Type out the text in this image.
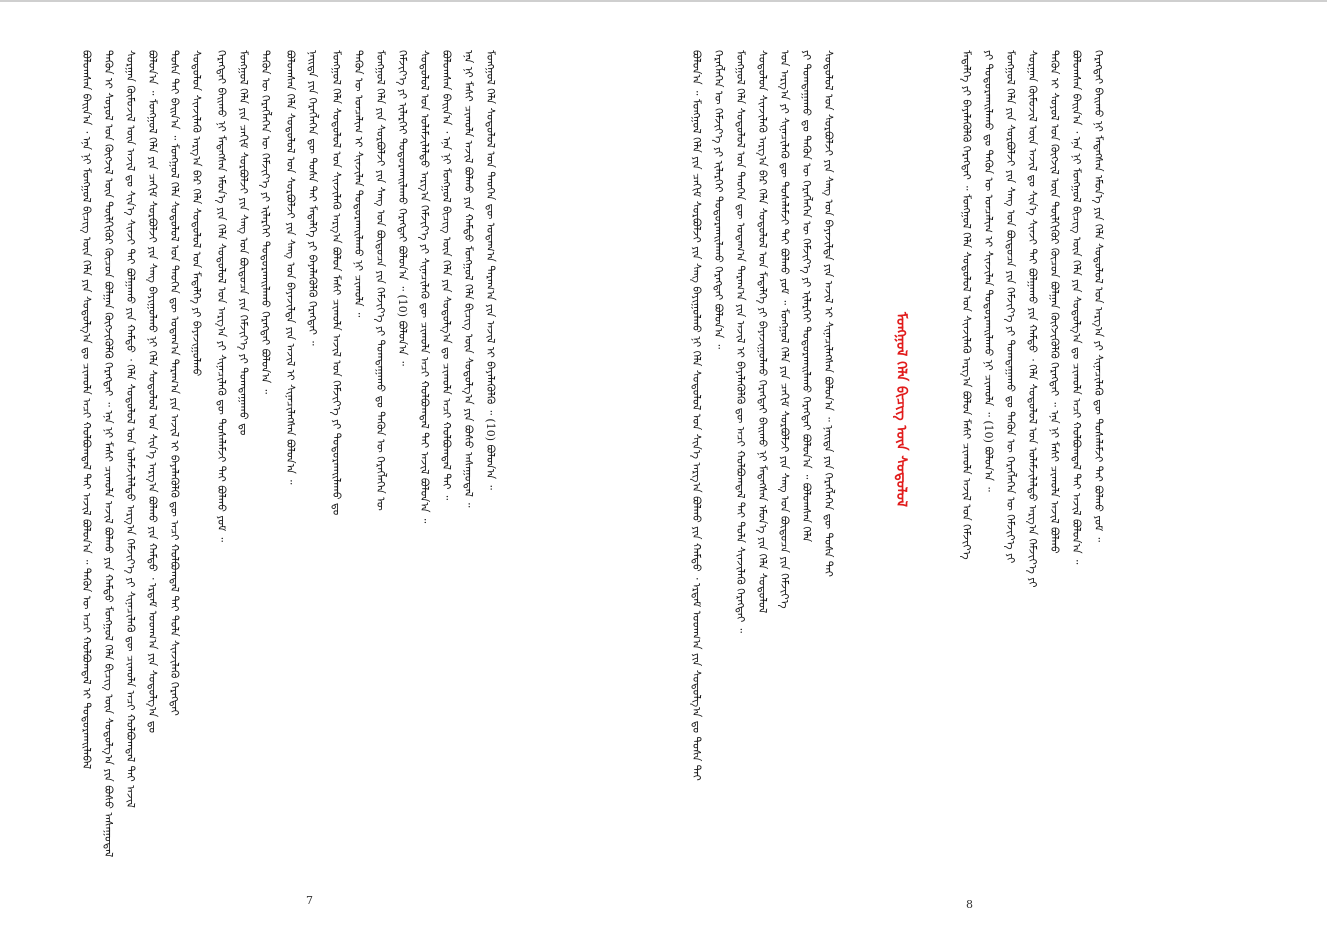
ᠪᠣᠯᠤᠭᠰᠠᠨ ᠪᠠᠢᠨ᠎ᠠ ᠂ ᠡᠨᠡ ᠨᠢ ᠮᠣᠩᠭᠣᠯ ᠪᠢᠴᠢᠭ ᠦᠨ ᠬᠡᠯᠡ ᠶᠢᠨ ᠰᠤᠳᠤᠯᠭ᠎ᠠ ᠳᠤ ᠴᠢᠬᠤᠯᠠ ᠠᠴᠢ ᠬᠣᠯᠪᠤᠭᠳᠠᠯ ᠲᠠᠢ ᠠᠵᠢᠯ ᠪᠣᠯᠤᠨ᠎ᠠ ᠃ ᠲᠡᠭᠦᠨ ᠦ ᠠᠴᠢ ᠬᠣᠯᠪᠤᠭᠳᠠᠯ ᠢ ᠲᠣᠳᠣᠷᠬᠠᠢᠯᠠᠪᠠᠯ ᠲᠡᠭᠦᠨ ᠢ ᠰᠣᠶᠣᠯ ᠤᠨ ᠬᠥᠭᠵᠢᠯ ᠦᠨ ᠲᠦᠯᠬᠢᠭᠦᠷ ᠬᠦᠴᠦᠨ ᠪᠣᠯᠭᠠᠨ ᠬᠥᠭᠵᠢᠭᠦᠯᠬᠦ ᠬᠡᠷᠡᠭᠲᠡᠢ ᠃ ᠡᠨᠡ ᠨᠢ ᠮᠠᠰᠢ ᠴᠢᠬᠤᠯᠠ ᠠᠵᠢᠯ ᠪᠣᠯᠬᠤ ᠶᠢᠨ ᠬᠠᠮᠲᠤ ᠮᠣᠩᠭᠣᠯ ᠬᠡᠯᠡ ᠪᠢᠴᠢᠭ ᠦᠨ ᠰᠤᠳᠤᠯᠭ᠎ᠠ ᠶᠢᠨ ᠪᠤᠰᠤ ᠠᠰᠠᠭᠤᠳᠠᠯ ᠰᠤᠷᠭᠠᠨ ᠬᠦᠮᠦᠵᠢᠯ ᠦᠨ ᠠᠵᠢᠯ ᠳᠤ ᠰᠢᠨ᠎ᠡ ᠰᠢᠨᠵᠢ ᠲᠡᠢ ᠪᠣᠯᠭᠠᠬᠤ ᠶᠢᠨ ᠬᠠᠮᠲᠤ ᠂ ᠬᠡᠯᠡ ᠰᠤᠳᠤᠯᠤᠯ ᠤᠨ ᠤᠯᠠᠮᠵᠢᠯᠠᠯᠲᠤ ᠠᠷᠭ᠎ᠠ ᠬᠡᠮᠵᠢᠶ᠎ᠡ ᠶᠢ ᠰᠢᠨᠡᠴᠢᠯᠡᠬᠦ ᠳᠦ ᠴᠢᠬᠤᠯᠠ ᠠᠴᠢ ᠬᠣᠯᠪᠤᠭᠳᠠᠯ ᠲᠠᠢ ᠠᠵᠢᠯ ᠪᠣᠯᠤᠨ᠎ᠠ ᠃ ᠮᠣᠩᠭᠣᠯ ᠬᠡᠯᠡ ᠶᠢᠨ ᠴᠠᠬᠢᠮ ᠰᠤᠷᠪᠤᠯᠵᠢ ᠶᠢᠨ ᠰᠠᠩ ᠪᠠᠶᠢᠭᠤᠯᠬᠤ ᠨᠢ ᠬᠡᠯᠡ ᠰᠤᠳᠤᠯᠤᠯ ᠤᠨ ᠰᠢᠨ᠎ᠡ ᠠᠷᠭ᠎ᠠ ᠪᠣᠯᠬᠤ ᠶᠢᠨ ᠬᠠᠮᠲᠤ ᠂ ᠡᠷᠳᠡᠮ ᠤᠳᠬ᠎ᠠ ᠶᠢᠨ ᠰᠤᠳᠤᠯᠭ᠎ᠠ ᠳᠤ ᠲᠤᠰᠠ ᠲᠠᠢ ᠪᠠᠢᠨ᠎ᠠ ᠃ ᠮᠣᠩᠭᠣᠯ ᠬᠡᠯᠡ ᠰᠤᠳᠤᠯᠤᠯ ᠤᠨ ᠲᠡᠦᠬᠡᠨ ᠳᠦ ᠤᠳᠠᠭ᠎ᠠ ᠳᠠᠷᠠᠭ᠎ᠠ ᠶᠢᠨ ᠠᠵᠢᠯ ᠢ ᠪᠡᠶᠡᠯᠡᠭᠦᠯᠬᠦ ᠳᠦ ᠠᠴᠢ ᠬᠣᠯᠪᠣᠭᠳᠠᠯ ᠲᠠᠢ ᠲᠤᠯᠠ ᠰᠢᠨᠵᠢᠯᠡᠬᠦ ᠬᠡᠷᠡᠭᠲᠡᠢ ᠰᠤᠳᠤᠯᠤᠨ ᠰᠢᠨᠵᠢᠯᠡᠬᠦ ᠠᠷᠭ᠎ᠠ ᠪᠠᠷ ᠬᠡᠯᠡ ᠰᠤᠳᠤᠯᠤᠯ ᠤᠨ ᠮᠡᠳᠡᠯᠭᠡ ᠶᠢ ᠪᠠᠶᠠᠵᠢᠭᠤᠯᠬᠤ ᠬᠡᠷᠡᠭᠲᠡᠢ ᠪᠠᠢᠬᠤ ᠨᠢ ᠮᠡᠳᠡᠭᠰᠡᠨ ᠡᠮᠦᠨ᠎ᠡ ᠶᠢᠨ ᠬᠡᠯᠡ ᠰᠤᠳᠤᠯᠤᠯ ᠤᠨ ᠠᠷᠭ᠎ᠠ ᠶᠢ ᠰᠢᠨᠡᠴᠢᠯᠡᠬᠦ ᠳᠦ ᠲᠤᠰᠠᠯᠠᠮᠵᠢ ᠲᠠᠢ ᠪᠣᠯᠬᠤ ᠶᠤᠮ ᠃ ᠮᠣᠩᠭᠣᠯ ᠬᠡᠯᠡ ᠶᠢᠨ ᠴᠠᠬᠢᠮ ᠰᠤᠷᠪᠤᠯᠵᠢ ᠶᠢᠨ ᠰᠠᠩ ᠤᠨ ᠪᠦᠲᠦᠴᠡ ᠶᠢᠨ ᠬᠡᠮᠵᠢᠶ᠎ᠡ ᠶᠢ ᠲᠣᠭᠲᠠᠭᠠᠬᠤ ᠳᠤ ᠲᠡᠭᠦᠨ ᠦ ᠬᠡᠷᠡᠭᠯᠡᠭᠡᠨ ᠦ ᠬᠡᠮᠵᠢᠶ᠎ᠡ ᠶᠢ ᠢᠯᠡᠷᠬᠡᠢ ᠲᠣᠳᠣᠷᠬᠠᠢᠯᠠᠬᠤ ᠬᠡᠷᠡᠭᠲᠡᠢ ᠪᠣᠯᠤᠨ᠎ᠠ ᠃ ᠪᠣᠯᠤᠭᠰᠠᠨ ᠬᠡᠯᠡ ᠰᠤᠳᠤᠯᠤᠯ ᠤᠨ ᠰᠤᠷᠪᠤᠯᠵᠢ ᠶᠢᠨ ᠰᠠᠩ ᠤᠨ ᠪᠠᠶᠠᠵᠢᠯᠲᠠ ᠶᠢᠨ ᠠᠵᠢᠯ ᠢ ᠰᠢᠨᠡᠴᠢᠯᠡᠭᠰᠡᠨ ᠪᠣᠯᠤᠨ᠎ᠠ ᠃ ᠨᠡᠢᠲᠡ ᠶᠢᠨ ᠬᠡᠷᠡᠭᠯᠡᠭᠡᠨ ᠳᠦ ᠲᠤᠰᠠ ᠲᠠᠢ ᠮᠡᠳᠡᠯᠭᠡ ᠶᠢ ᠪᠡᠶᠡᠯᠡᠭᠦᠯᠬᠦ ᠬᠡᠷᠡᠭᠲᠡᠢ ᠃ ᠮᠣᠩᠭᠣᠯ ᠬᠡᠯᠡ ᠰᠤᠳᠤᠯᠤᠯ ᠤᠨ ᠰᠢᠨᠵᠢᠯᠡᠬᠦ ᠠᠷᠭ᠎ᠠ ᠪᠣᠯᠤᠨ ᠮᠠᠰᠢ ᠴᠢᠬᠤᠯᠠ ᠠᠵᠢᠯ ᠤᠨ ᠬᠡᠮᠵᠢᠶ᠎ᠡ ᠶᠢ ᠲᠣᠳᠣᠷᠬᠠᠢᠯᠠᠬᠤ ᠳᠤ ᠲᠡᠭᠦᠨ ᠦ ᠣᠨᠴᠠᠯᠢᠭ ᠢ ᠰᠢᠨᠵᠢᠯᠡᠨ ᠲᠣᠳᠣᠷᠬᠠᠢᠯᠠᠬᠤ ᠨᠢ ᠴᠢᠬᠤᠯᠠ ᠃ ᠮᠣᠩᠭᠣᠯ ᠬᠡᠯᠡ ᠶᠢᠨ ᠰᠤᠷᠪᠤᠯᠵᠢ ᠶᠢᠨ ᠰᠠᠩ ᠤᠨ ᠪᠦᠲᠦᠴᠡ ᠶᠢᠨ ᠬᠡᠮᠵᠢᠶ᠎ᠡ ᠶᠢ ᠲᠣᠭᠲᠠᠭᠠᠬᠤ ᠳᠤ ᠲᠡᠭᠦᠨ ᠦ ᠬᠡᠷᠡᠭᠯᠡᠭᠡᠨ ᠦ ᠬᠡᠮᠵᠢᠶ᠎ᠡ ᠶᠢ ᠢᠯᠡᠷᠬᠡᠢ ᠲᠣᠳᠣᠷᠬᠠᠢᠯᠠᠬᠤ ᠬᠡᠷᠡᠭᠲᠡᠢ ᠪᠣᠯᠤᠨ᠎ᠠ ᠃ (10) ᠪᠣᠯᠤᠨ᠎ᠠ ᠃ ᠰᠤᠳᠤᠯᠤᠯ ᠤᠨ ᠤᠯᠠᠮᠵᠢᠯᠠᠯᠲᠤ ᠠᠷᠭ᠎ᠠ ᠬᠡᠮᠵᠢᠶ᠎ᠡ ᠶᠢ ᠰᠢᠨᠡᠴᠢᠯᠡᠬᠦ ᠳᠦ ᠴᠢᠬᠤᠯᠠ ᠠᠴᠢ ᠬᠣᠯᠪᠤᠭᠳᠠᠯ ᠲᠠᠢ ᠠᠵᠢᠯ ᠪᠣᠯᠤᠨ᠎ᠠ ᠃ ᠪᠣᠯᠤᠭᠰᠠᠨ ᠪᠠᠢᠨ᠎ᠠ ᠂ ᠡᠨᠡ ᠨᠢ ᠮᠣᠩᠭᠣᠯ ᠪᠢᠴᠢᠭ ᠦᠨ ᠬᠡᠯᠡ ᠶᠢᠨ ᠰᠤᠳᠤᠯᠭ᠎ᠠ ᠳᠤ ᠴᠢᠬᠤᠯᠠ ᠠᠴᠢ ᠬᠣᠯᠪᠤᠭᠳᠠᠯ ᠲᠠᠢ ᠃ ᠡᠨᠡ ᠨᠢ ᠮᠠᠰᠢ ᠴᠢᠬᠤᠯᠠ ᠠᠵᠢᠯ ᠪᠣᠯᠬᠤ ᠶᠢᠨ ᠬᠠᠮᠲᠤ ᠮᠣᠩᠭᠣᠯ ᠬᠡᠯᠡ ᠪᠢᠴᠢᠭ ᠦᠨ ᠰᠤᠳᠤᠯᠭ᠎ᠠ ᠶᠢᠨ ᠪᠤᠰᠤ ᠠᠰᠠᠭᠤᠳᠠᠯ ᠃ ᠮᠣᠩᠭᠣᠯ ᠬᠡᠯᠡ ᠰᠤᠳᠤᠯᠤᠯ ᠤᠨ ᠲᠡᠦᠬᠡᠨ ᠳᠦ ᠤᠳᠠᠭ᠎ᠠ ᠳᠠᠷᠠᠭ᠎ᠠ ᠶᠢᠨ ᠠᠵᠢᠯ ᠢ ᠪᠡᠶᠡᠯᠡᠭᠦᠯᠬᠦ ᠃ (10) ᠪᠣᠯᠤᠨ᠎ᠠ ᠃
7
ᠪᠣᠯᠤᠨ᠎ᠠ ᠃ ᠮᠣᠩᠭᠣᠯ ᠬᠡᠯᠡ ᠶᠢᠨ ᠴᠠᠬᠢᠮ ᠰᠤᠷᠪᠤᠯᠵᠢ ᠶᠢᠨ ᠰᠠᠩ ᠪᠠᠶᠢᠭᠤᠯᠬᠤ ᠨᠢ ᠬᠡᠯᠡ ᠰᠤᠳᠤᠯᠤᠯ ᠤᠨ ᠰᠢᠨ᠎ᠡ ᠠᠷᠭ᠎ᠠ ᠪᠣᠯᠬᠤ ᠶᠢᠨ ᠬᠠᠮᠲᠤ ᠂ ᠡᠷᠳᠡᠮ ᠤᠳᠬ᠎ᠠ ᠶᠢᠨ ᠰᠤᠳᠤᠯᠭ᠎ᠠ ᠳᠤ ᠲᠤᠰᠠ ᠲᠠᠢ ᠬᠡᠷᠡᠭᠯᠡᠭᠡᠨ ᠦ ᠬᠡᠮᠵᠢᠶ᠎ᠡ ᠶᠢ ᠢᠯᠡᠷᠬᠡᠢ ᠲᠣᠳᠣᠷᠬᠠᠢᠯᠠᠬᠤ ᠬᠡᠷᠡᠭᠲᠡᠢ ᠪᠣᠯᠤᠨ᠎ᠠ ᠃ ᠮᠣᠩᠭᠣᠯ ᠬᠡᠯᠡ ᠰᠤᠳᠤᠯᠤᠯ ᠤᠨ ᠲᠡᠦᠬᠡᠨ ᠳᠦ ᠤᠳᠠᠭ᠎ᠠ ᠳᠠᠷᠠᠭ᠎ᠠ ᠶᠢᠨ ᠠᠵᠢᠯ ᠢ ᠪᠡᠶᠡᠯᠡᠭᠦᠯᠬᠦ ᠳᠦ ᠠᠴᠢ ᠬᠣᠯᠪᠣᠭᠳᠠᠯ ᠲᠠᠢ ᠲᠤᠯᠠ ᠰᠢᠨᠵᠢᠯᠡᠬᠦ ᠬᠡᠷᠡᠭᠲᠡᠢ ᠃ ᠰᠤᠳᠤᠯᠤᠨ ᠰᠢᠨᠵᠢᠯᠡᠬᠦ ᠠᠷᠭ᠎ᠠ ᠪᠠᠷ ᠬᠡᠯᠡ ᠰᠤᠳᠤᠯᠤᠯ ᠤᠨ ᠮᠡᠳᠡᠯᠭᠡ ᠶᠢ ᠪᠠᠶᠠᠵᠢᠭᠤᠯᠬᠤ ᠬᠡᠷᠡᠭᠲᠡᠢ ᠪᠠᠢᠬᠤ ᠨᠢ ᠮᠡᠳᠡᠭᠰᠡᠨ ᠡᠮᠦᠨ᠎ᠡ ᠶᠢᠨ ᠬᠡᠯᠡ ᠰᠤᠳᠤᠯᠤᠯ ᠤᠨ ᠠᠷᠭ᠎ᠠ ᠶᠢ ᠰᠢᠨᠡᠴᠢᠯᠡᠬᠦ ᠳᠦ ᠲᠤᠰᠠᠯᠠᠮᠵᠢ ᠲᠠᠢ ᠪᠣᠯᠬᠤ ᠶᠤᠮ ᠃ ᠮᠣᠩᠭᠣᠯ ᠬᠡᠯᠡ ᠶᠢᠨ ᠴᠠᠬᠢᠮ ᠰᠤᠷᠪᠤᠯᠵᠢ ᠶᠢᠨ ᠰᠠᠩ ᠤᠨ ᠪᠦᠲᠦᠴᠡ ᠶᠢᠨ ᠬᠡᠮᠵᠢᠶ᠎ᠡ ᠶᠢ ᠲᠣᠭᠲᠠᠭᠠᠬᠤ ᠳᠤ ᠲᠡᠭᠦᠨ ᠦ ᠬᠡᠷᠡᠭᠯᠡᠭᠡᠨ ᠦ ᠬᠡᠮᠵᠢᠶ᠎ᠡ ᠶᠢ ᠢᠯᠡᠷᠬᠡᠢ ᠲᠣᠳᠣᠷᠬᠠᠢᠯᠠᠬᠤ ᠬᠡᠷᠡᠭᠲᠡᠢ ᠪᠣᠯᠤᠨ᠎ᠠ ᠃ ᠪᠣᠯᠤᠭᠰᠠᠨ ᠬᠡᠯᠡ ᠰᠤᠳᠤᠯᠤᠯ ᠤᠨ ᠰᠤᠷᠪᠤᠯᠵᠢ ᠶᠢᠨ ᠰᠠᠩ ᠤᠨ ᠪᠠᠶᠠᠵᠢᠯᠲᠠ ᠶᠢᠨ ᠠᠵᠢᠯ ᠢ ᠰᠢᠨᠡᠴᠢᠯᠡᠭᠰᠡᠨ ᠪᠣᠯᠤᠨ᠎ᠠ ᠃ ᠨᠡᠢᠲᠡ ᠶᠢᠨ ᠬᠡᠷᠡᠭᠯᠡᠭᠡᠨ ᠳᠦ ᠲᠤᠰᠠ ᠲᠠᠢ	ᠮᠣᠩᠭᠣᠯ ᠬᠡᠯᠡ ᠪᠢᠴᠢᠭ ᠦᠨ ᠰᠤᠳᠤᠯᠤᠯ	ᠮᠡᠳᠡᠯᠭᠡ ᠶᠢ ᠪᠡᠶᠡᠯᠡᠭᠦᠯᠬᠦ ᠬᠡᠷᠡᠭᠲᠡᠢ ᠃ ᠮᠣᠩᠭᠣᠯ ᠬᠡᠯᠡ ᠰᠤᠳᠤᠯᠤᠯ ᠤᠨ ᠰᠢᠨᠵᠢᠯᠡᠬᠦ ᠠᠷᠭ᠎ᠠ ᠪᠣᠯᠤᠨ ᠮᠠᠰᠢ ᠴᠢᠬᠤᠯᠠ ᠠᠵᠢᠯ ᠤᠨ ᠬᠡᠮᠵᠢᠶ᠎ᠡ ᠶᠢ ᠲᠣᠳᠣᠷᠬᠠᠢᠯᠠᠬᠤ ᠳᠤ ᠲᠡᠭᠦᠨ ᠦ ᠣᠨᠴᠠᠯᠢᠭ ᠢ ᠰᠢᠨᠵᠢᠯᠡᠨ ᠲᠣᠳᠣᠷᠬᠠᠢᠯᠠᠬᠤ ᠨᠢ ᠴᠢᠬᠤᠯᠠ ᠃ (10) ᠪᠣᠯᠤᠨ᠎ᠠ ᠃ ᠮᠣᠩᠭᠣᠯ ᠬᠡᠯᠡ ᠶᠢᠨ ᠰᠤᠷᠪᠤᠯᠵᠢ ᠶᠢᠨ ᠰᠠᠩ ᠤᠨ ᠪᠦᠲᠦᠴᠡ ᠶᠢᠨ ᠬᠡᠮᠵᠢᠶ᠎ᠡ ᠶᠢ ᠲᠣᠭᠲᠠᠭᠠᠬᠤ ᠳᠤ ᠲᠡᠭᠦᠨ ᠦ ᠬᠡᠷᠡᠭᠯᠡᠭᠡᠨ ᠦ ᠬᠡᠮᠵᠢᠶ᠎ᠡ ᠶᠢ ᠰᠤᠷᠭᠠᠨ ᠬᠦᠮᠦᠵᠢᠯ ᠦᠨ ᠠᠵᠢᠯ ᠳᠤ ᠰᠢᠨ᠎ᠡ ᠰᠢᠨᠵᠢ ᠲᠡᠢ ᠪᠣᠯᠭᠠᠬᠤ ᠶᠢᠨ ᠬᠠᠮᠲᠤ ᠂ ᠬᠡᠯᠡ ᠰᠤᠳᠤᠯᠤᠯ ᠤᠨ ᠤᠯᠠᠮᠵᠢᠯᠠᠯᠲᠤ ᠠᠷᠭ᠎ᠠ ᠬᠡᠮᠵᠢᠶ᠎ᠡ ᠶᠢ ᠲᠡᠭᠦᠨ ᠢ ᠰᠣᠶᠣᠯ ᠤᠨ ᠬᠥᠭᠵᠢᠯ ᠦᠨ ᠲᠦᠯᠬᠢᠭᠦᠷ ᠬᠦᠴᠦᠨ ᠪᠣᠯᠭᠠᠨ ᠬᠥᠭᠵᠢᠭᠦᠯᠬᠦ ᠬᠡᠷᠡᠭᠲᠡᠢ ᠃ ᠡᠨᠡ ᠨᠢ ᠮᠠᠰᠢ ᠴᠢᠬᠤᠯᠠ ᠠᠵᠢᠯ ᠪᠣᠯᠬᠤ ᠪᠣᠯᠤᠭᠰᠠᠨ ᠪᠠᠢᠨ᠎ᠠ ᠂ ᠡᠨᠡ ᠨᠢ ᠮᠣᠩᠭᠣᠯ ᠪᠢᠴᠢᠭ ᠦᠨ ᠬᠡᠯᠡ ᠶᠢᠨ ᠰᠤᠳᠤᠯᠭ᠎ᠠ ᠳᠤ ᠴᠢᠬᠤᠯᠠ ᠠᠴᠢ ᠬᠣᠯᠪᠤᠭᠳᠠᠯ ᠲᠠᠢ ᠠᠵᠢᠯ ᠪᠣᠯᠤᠨ᠎ᠠ ᠃ ᠬᠡᠷᠡᠭᠲᠡᠢ ᠪᠠᠢᠬᠤ ᠨᠢ ᠮᠡᠳᠡᠭᠰᠡᠨ ᠡᠮᠦᠨ᠎ᠡ ᠶᠢᠨ ᠬᠡᠯᠡ ᠰᠤᠳᠤᠯᠤᠯ ᠤᠨ ᠠᠷᠭ᠎ᠠ ᠶᠢ ᠰᠢᠨᠡᠴᠢᠯᠡᠬᠦ ᠳᠦ ᠲᠤᠰᠠᠯᠠᠮᠵᠢ ᠲᠠᠢ ᠪᠣᠯᠬᠤ ᠶᠤᠮ ᠃
8
